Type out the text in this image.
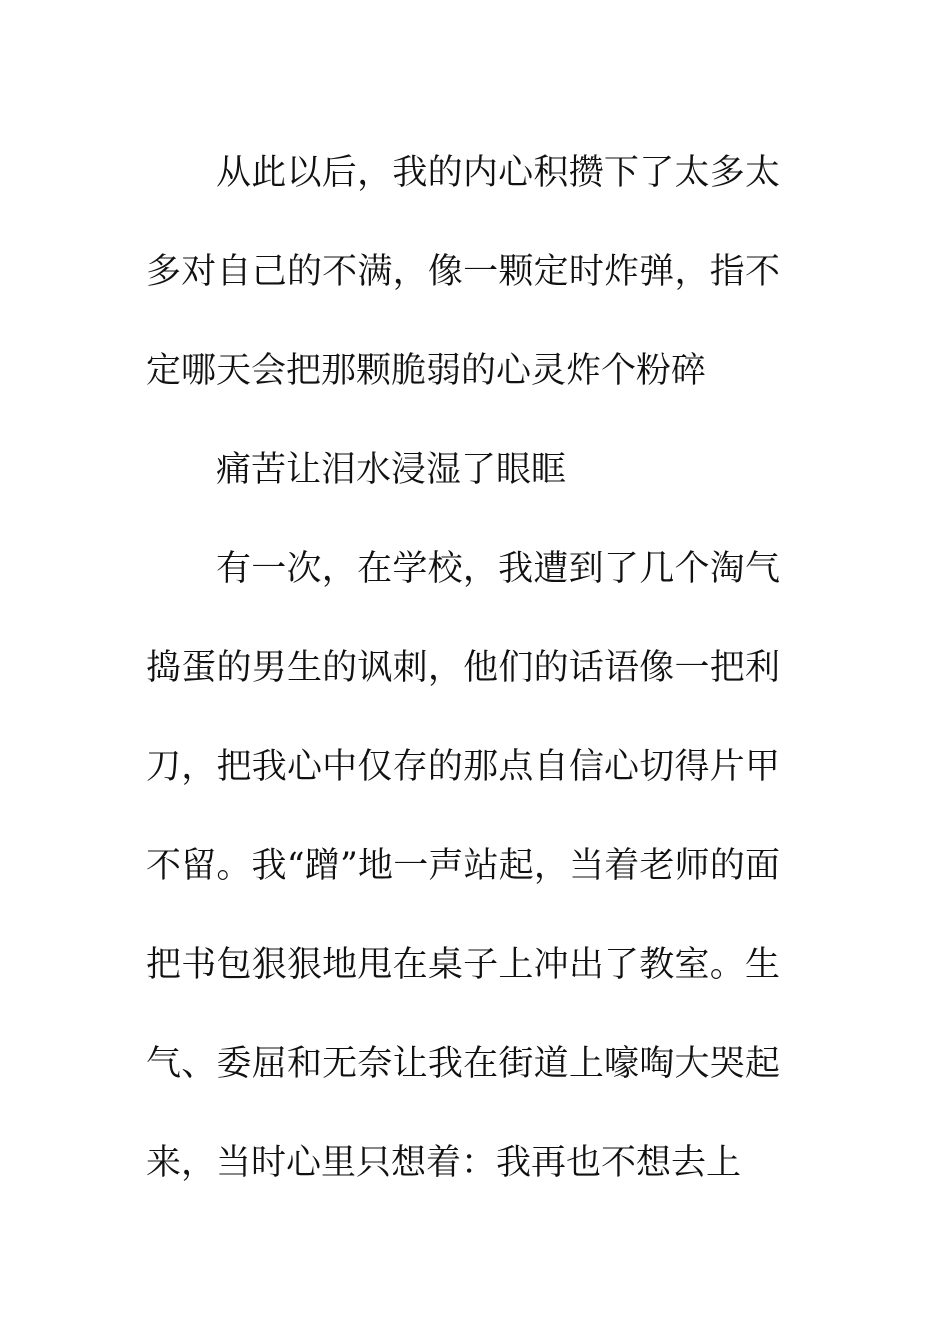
从此以后，我的内心积攒下了太多太多对自己的不满，像一颗定时炸弹，指不定哪天会把那颗脆弱的心灵炸个粉碎

痛苦让泪水浸湿了眼眶

有一次，在学校，我遭到了几个淘气捣蛋的男生的讽刺，他们的话语像一把利刀，把我心中仅存的那点自信心切得片甲不留。我“蹭”地一声站起，当着老师的面把书包狠狠地甩在桌子上冲出了教室。生气、委屈和无奈让我在街道上嚎啕大哭起来，当时心里只想着：我再也不想去上
